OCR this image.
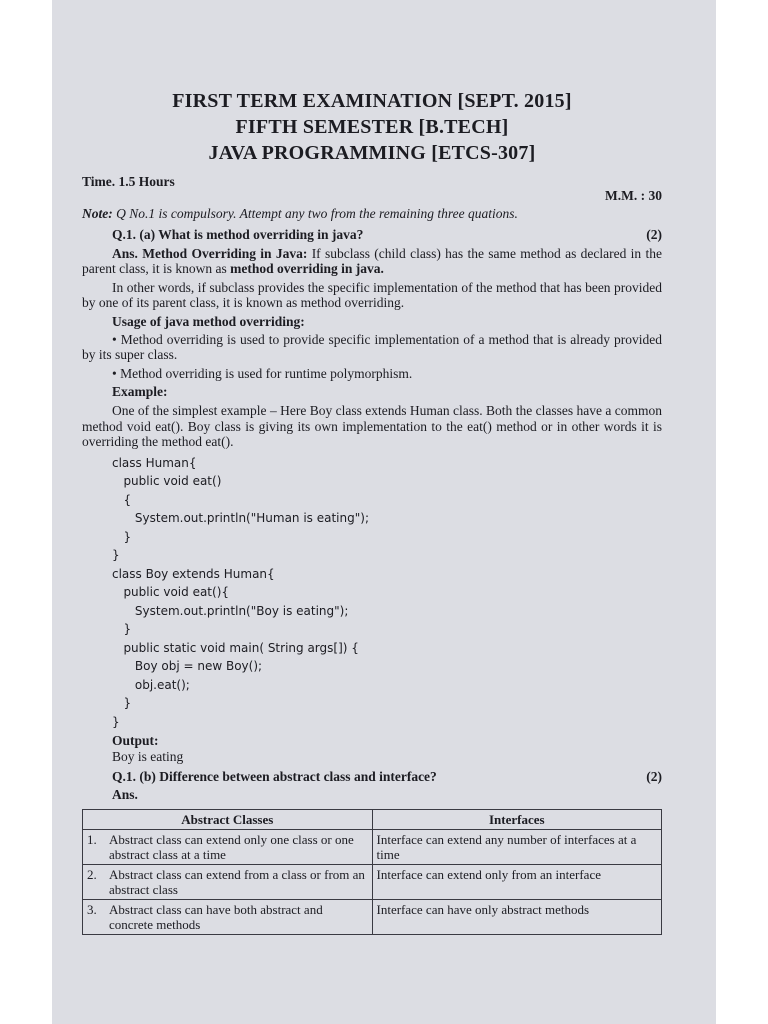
FIRST TERM EXAMINATION [SEPT. 2015]
FIFTH SEMESTER [B.TECH]
JAVA PROGRAMMING [ETCS-307]
Time. 1.5 Hours
M.M. : 30

Note: Q No.1 is compulsory. Attempt any two from the remaining three quations.

Q.1. (a) What is method overriding in java?	(2)

Ans. Method Overriding in Java: If subclass (child class) has the same method as declared in the parent class, it is known as method overriding in java.

In other words, if subclass provides the specific implementation of the method that has been provided by one of its parent class, it is known as method overriding.

Usage of java method overriding:

• Method overriding is used to provide specific implementation of a method that is already provided by its super class.

• Method overriding is used for runtime polymorphism.

Example:

One of the simplest example – Here Boy class extends Human class. Both the classes have a common method void eat(). Boy class is giving its own implementation to the eat() method or in other words it is overriding the method eat().

class Human{
public void eat()
{
System.out.println("Human is eating");
}
}
class Boy extends Human{
public void eat(){
System.out.println("Boy is eating");
}
public static void main( String args[]) {
Boy obj = new Boy();
obj.eat();
}
}
Output:
Boy is eating
Q.1. (b) Difference between abstract class and interface?	(2)
Ans.
Abstract Classes	Interfaces

1. Abstract class can extend only one class or one abstract class at a time	Interface can extend any number of interfaces at a time

2. Abstract class can extend from a class or from an abstract class	Interface can extend only from an interface

3. Abstract class can have both abstract and concrete methods	Interface can have only abstract methods
